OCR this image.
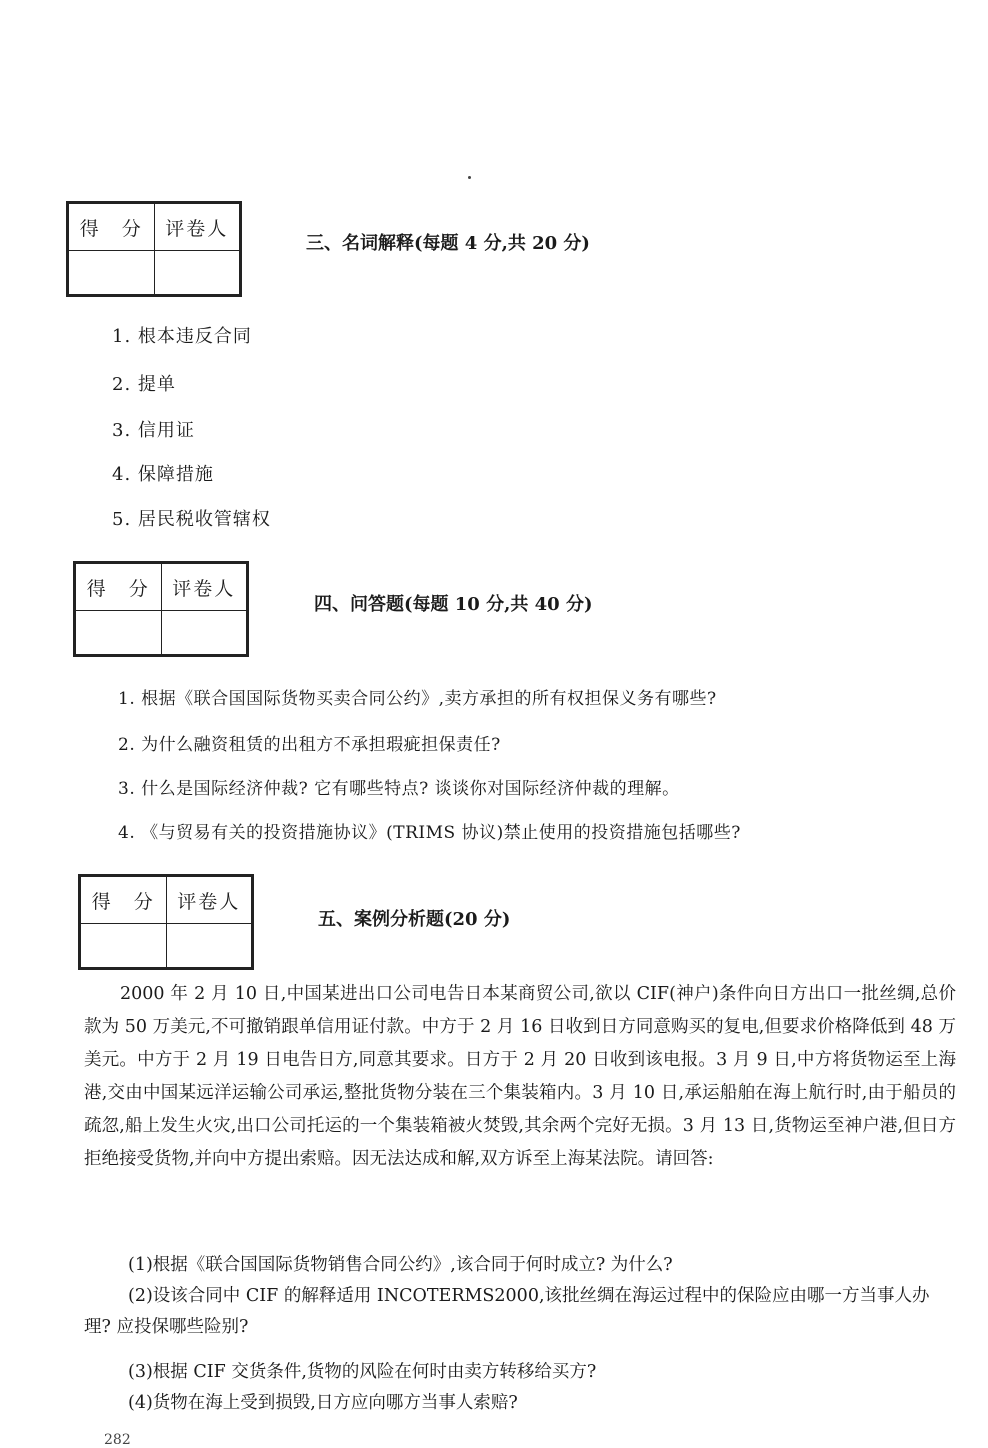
得　分	评卷人

三、名词解释(每题 4 分,共 20 分)
1. 根本违反合同
2. 提单
3. 信用证
4. 保障措施
5. 居民税收管辖权
得　分	评卷人

四、问答题(每题 10 分,共 40 分)
1. 根据《联合国国际货物买卖合同公约》,卖方承担的所有权担保义务有哪些?
2. 为什么融资租赁的出租方不承担瑕疵担保责任?
3. 什么是国际经济仲裁? 它有哪些特点? 谈谈你对国际经济仲裁的理解。
4. 《与贸易有关的投资措施协议》(TRIMS 协议)禁止使用的投资措施包括哪些?
得　分	评卷人

五、案例分析题(20 分)

2000 年 2 月 10 日,中国某进出口公司电告日本某商贸公司,欲以 CIF(神户)条件向日方出口一批丝绸,总价款为 50 万美元,不可撤销跟单信用证付款。中方于 2 月 16 日收到日方同意购买的复电,但要求价格降低到 48 万美元。中方于 2 月 19 日电告日方,同意其要求。日方于 2 月 20 日收到该电报。3 月 9 日,中方将货物运至上海港,交由中国某远洋运输公司承运,整批货物分装在三个集装箱内。3 月 10 日,承运船舶在海上航行时,由于船员的疏忽,船上发生火灾,出口公司托运的一个集装箱被火焚毁,其余两个完好无损。3 月 13 日,货物运至神户港,但日方拒绝接受货物,并向中方提出索赔。因无法达成和解,双方诉至上海某法院。请回答:

(1)根据《联合国国际货物销售合同公约》,该合同于何时成立? 为什么?

(2)设该合同中 CIF 的解释适用 INCOTERMS2000,该批丝绸在海运过程中的保险应由哪一方当事人办理? 应投保哪些险别?

(3)根据 CIF 交货条件,货物的风险在何时由卖方转移给买方?

(4)货物在海上受到损毁,日方应向哪方当事人索赔?

282
